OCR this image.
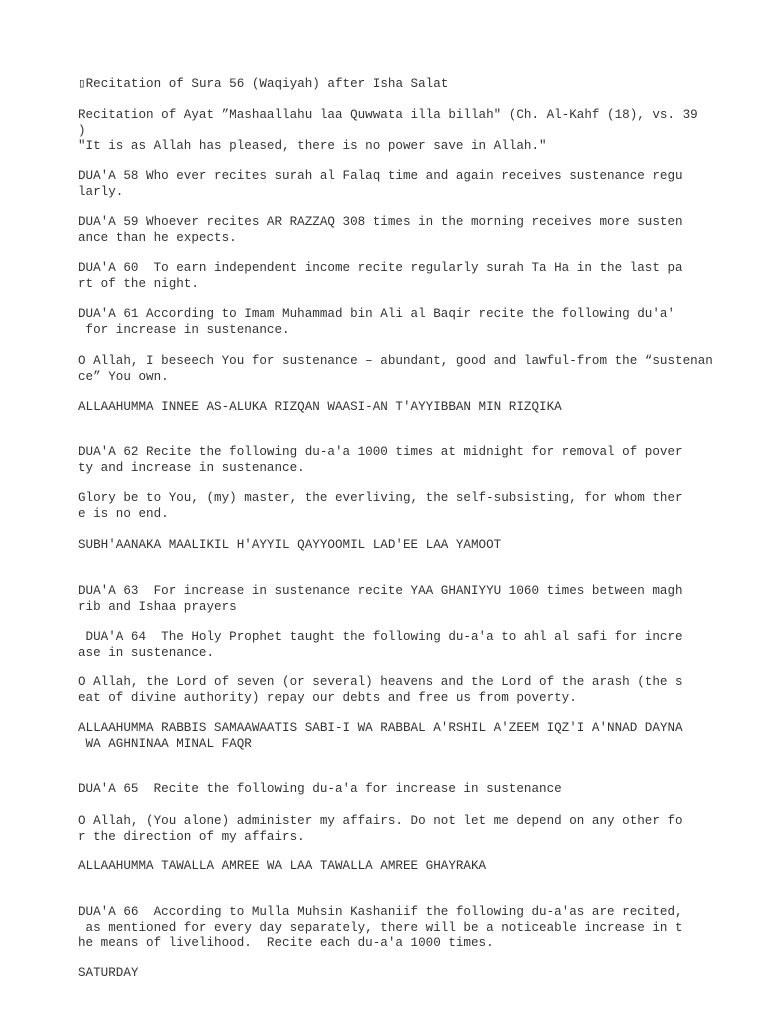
▯Recitation of Sura 56 (Waqiyah) after Isha Salat
Recitation of Ayat ”Mashaallahu laa Quwwata illa billah" (Ch. Al-Kahf (18), vs. 39
)
"It is as Allah has pleased, there is no power save in Allah."
DUA'A 58 Who ever recites surah al Falaq time and again receives sustenance regu
larly.
DUA'A 59 Whoever recites AR RAZZAQ 308 times in the morning receives more susten
ance than he expects.
DUA'A 60  To earn independent income recite regularly surah Ta Ha in the last pa
rt of the night.
DUA'A 61 According to Imam Muhammad bin Ali al Baqir recite the following du'a'
for increase in sustenance.
O Allah, I beseech You for sustenance – abundant, good and lawful-from the “sustenan
ce” You own.
ALLAAHUMMA INNEE AS-ALUKA RIZQAN WAASI-AN T'AYYIBBAN MIN RIZQIKA
DUA'A 62 Recite the following du-a'a 1000 times at midnight for removal of pover
ty and increase in sustenance.
Glory be to You, (my) master, the everliving, the self-subsisting, for whom ther
e is no end.
SUBH'AANAKA MAALIKIL H'AYYIL QAYYOOMIL LAD'EE LAA YAMOOT
DUA'A 63  For increase in sustenance recite YAA GHANIYYU 1060 times between magh
rib and Ishaa prayers
DUA'A 64  The Holy Prophet taught the following du-a'a to ahl al safi for incre
ase in sustenance.
O Allah, the Lord of seven (or several) heavens and the Lord of the arash (the s
eat of divine authority) repay our debts and free us from poverty.
ALLAAHUMMA RABBIS SAMAAWAATIS SABI-I WA RABBAL A'RSHIL A'ZEEM IQZ'I A'NNAD DAYNA
WA AGHNINAA MINAL FAQR
DUA'A 65  Recite the following du-a'a for increase in sustenance
O Allah, (You alone) administer my affairs. Do not let me depend on any other fo
r the direction of my affairs.
ALLAAHUMMA TAWALLA AMREE WA LAA TAWALLA AMREE GHAYRAKA
DUA'A 66  According to Mulla Muhsin Kashaniif the following du-a'as are recited,
as mentioned for every day separately, there will be a noticeable increase in t
he means of livelihood.  Recite each du-a'a 1000 times.
SATURDAY
